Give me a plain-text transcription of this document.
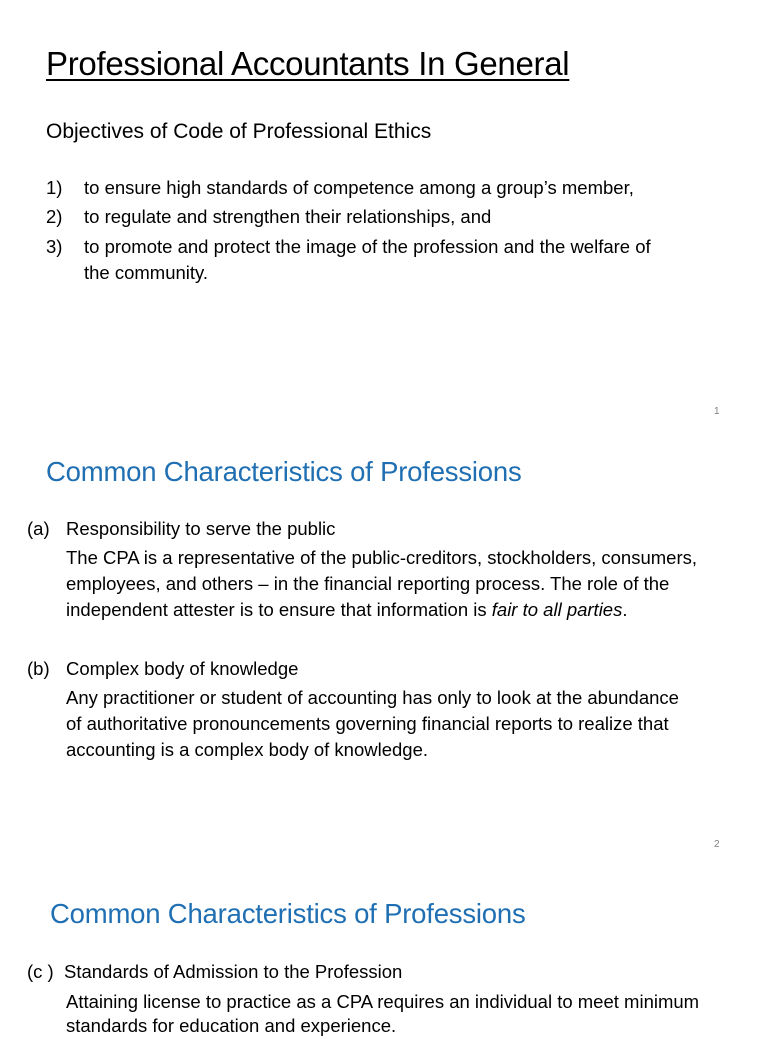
Professional Accountants In General
Objectives of Code of Professional Ethics
1) to ensure high standards of competence among a group’s member,
2) to regulate and strengthen their relationships, and
3) to promote and protect the image of the profession and the welfare of
the community.
1
Common Characteristics of Professions
(a) Responsibility to serve the public
The CPA is a representative of the public-creditors, stockholders, consumers,
employees, and others – in the financial reporting process. The role of the
independent attester is to ensure that information is fair to all parties.
(b) Complex body of knowledge
Any practitioner or student of accounting has only to look at the abundance
of authoritative pronouncements governing financial reports to realize that
accounting is a complex body of knowledge.
2
Common Characteristics of Professions
(c ) Standards of Admission to the Profession
Attaining license to practice as a CPA requires an individual to meet minimum
standards for education and experience.
